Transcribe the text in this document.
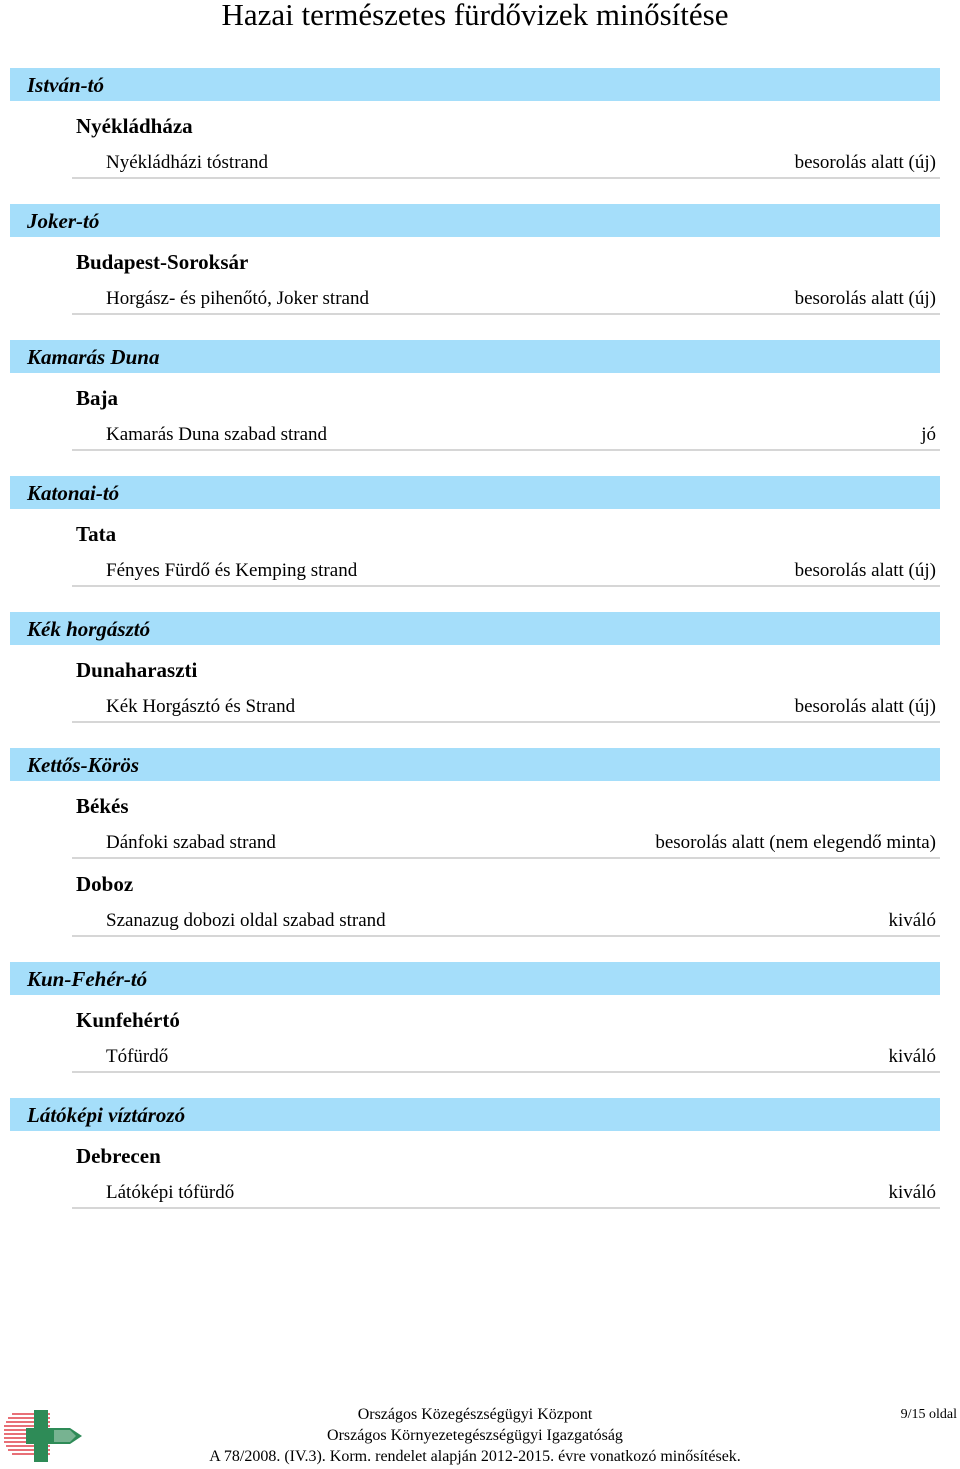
Hazai természetes fürdővizek minősítése
István-tó
Nyékládháza
Nyékládházi tóstrand	besorolás alatt (új)
Joker-tó
Budapest-Soroksár
Horgász- és pihenőtó, Joker strand	besorolás alatt (új)
Kamarás Duna
Baja
Kamarás Duna szabad strand	jó
Katonai-tó
Tata
Fényes Fürdő és Kemping strand	besorolás alatt (új)
Kék horgásztó
Dunaharaszti
Kék Horgásztó és Strand	besorolás alatt (új)
Kettős-Körös
Békés
Dánfoki szabad strand	besorolás alatt (nem elegendő minta)
Doboz
Szanazug dobozi oldal szabad strand	kiváló
Kun-Fehér-tó
Kunfehértó
Tófürdő	kiváló
Látóképi víztározó
Debrecen
Látóképi tófürdő	kiváló
Országos Közegészségügyi Központ
Országos Környezetegészségügyi Igazgatóság
A 78/2008. (IV.3). Korm. rendelet alapján 2012-2015. évre vonatkozó minősítések.
9/15 oldal
